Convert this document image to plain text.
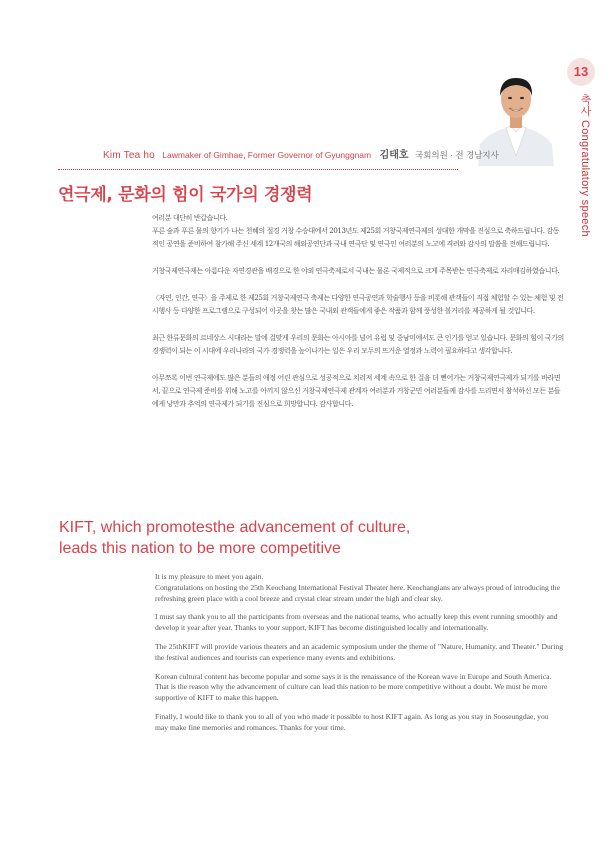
13
축사 Congratulatory speech
Kim Tea ho Lawmaker of Gimhae, Former Governor of Gyunggnam 김태호 국회의원 · 전 경남지사
연극제, 문화의 힘이 국가의 경쟁력

여러분 대단히 반갑습니다.

푸른 숲과 푸른 물의 향기가 나는 천혜의 절경 거창 수승대에서 2013년도 제25회 거창국제연극제의 성대한 개막을 진심으로 축하드립니다. 감동적인 공연을 준비하여 참가해 주신 세계 12개국의 해외공연단과 국내 연극단 및 연극인 여러분의 노고에 격려와 감사의 말씀을 전해드립니다.

거창국제연극제는 아름다운 자연경관을 배경으로 한 야외 연극축제로서 국내는 물론 국제적으로 크게 주목받는 연극축제로 자리매김하였습니다.

〈자연, 인간, 연극〉을 주제로 한 제25회 거창국제연극 축제는 다양한 연극공연과 학술행사 등을 비롯해 관객들이 직접 체험할 수 있는 체험 및 전시행사 등 다양한 프로그램으로 구성되어 이곳을 찾는 많은 국내외 관객들에게 좋은 작품과 함께 풍성한 볼거리를 제공하게 될 것입니다.

최근 한류문화의 르네상스 시대라는 말에 걸맞게 우리의 문화는 아시아를 넘어 유럽 및 중남미에서도 큰 인기를 얻고 있습니다. 문화의 힘이 국가의 경쟁력이 되는 이 시대에 우리나라의 국가 경쟁력을 높이나가는 일은 우리 모두의 뜨거운 열정과 노력이 필요하다고 생각합니다.

아무쪼록 이번 연극제에도 많은 분들의 애정 어린 관심으로 성공적으로 치러져 세계 속으로 한 걸음 더 뻗어가는 거창국제연극제가 되기를 바라면서, 끝으로 연극제 준비를 위해 노고를 아끼지 않으신 거창국제연극제 관계자 여러분과 거창군민 여러분들께 감사를 드리면서 참석하신 모든 분들에게 낭만과 추억의 연극제가 되기를 진심으로 희망합니다. 감사합니다.

KIFT, which promotesthe advancement of culture,
leads this nation to be more competitive

It is my pleasure to meet you again.

Congratulations on hosting the 25th Keochang International Festival Theater here. Keochangians are always proud of introducing the refreshing green place with a cool breeze and crystal clear stream under the high and clear sky.

I must say thank you to all the participants from overseas and the national teams, who actually keep this event running smoothly and develop it year after year. Thanks to your support, KIFT has become distinguished locally and internationally.

The 25thKIFT will provide various theaters and an academic symposium under the theme of "Nature, Humanity, and Theater." During the festival audiences and tourists can experience many events and exhibitions.

Korean cultural content has become popular and some says it is the renaissance of the Korean wave in Europe and South America. That is the reason why the advancement of culture can lead this nation to be more competitive without a doubt. We must be more supportive of KIFT to make this happen.

Finally, I would like to thank you to all of you who made it possible to host KIFT again. As long as you stay in Sooseungdae, you may make fine memories and romances. Thanks for your time.
